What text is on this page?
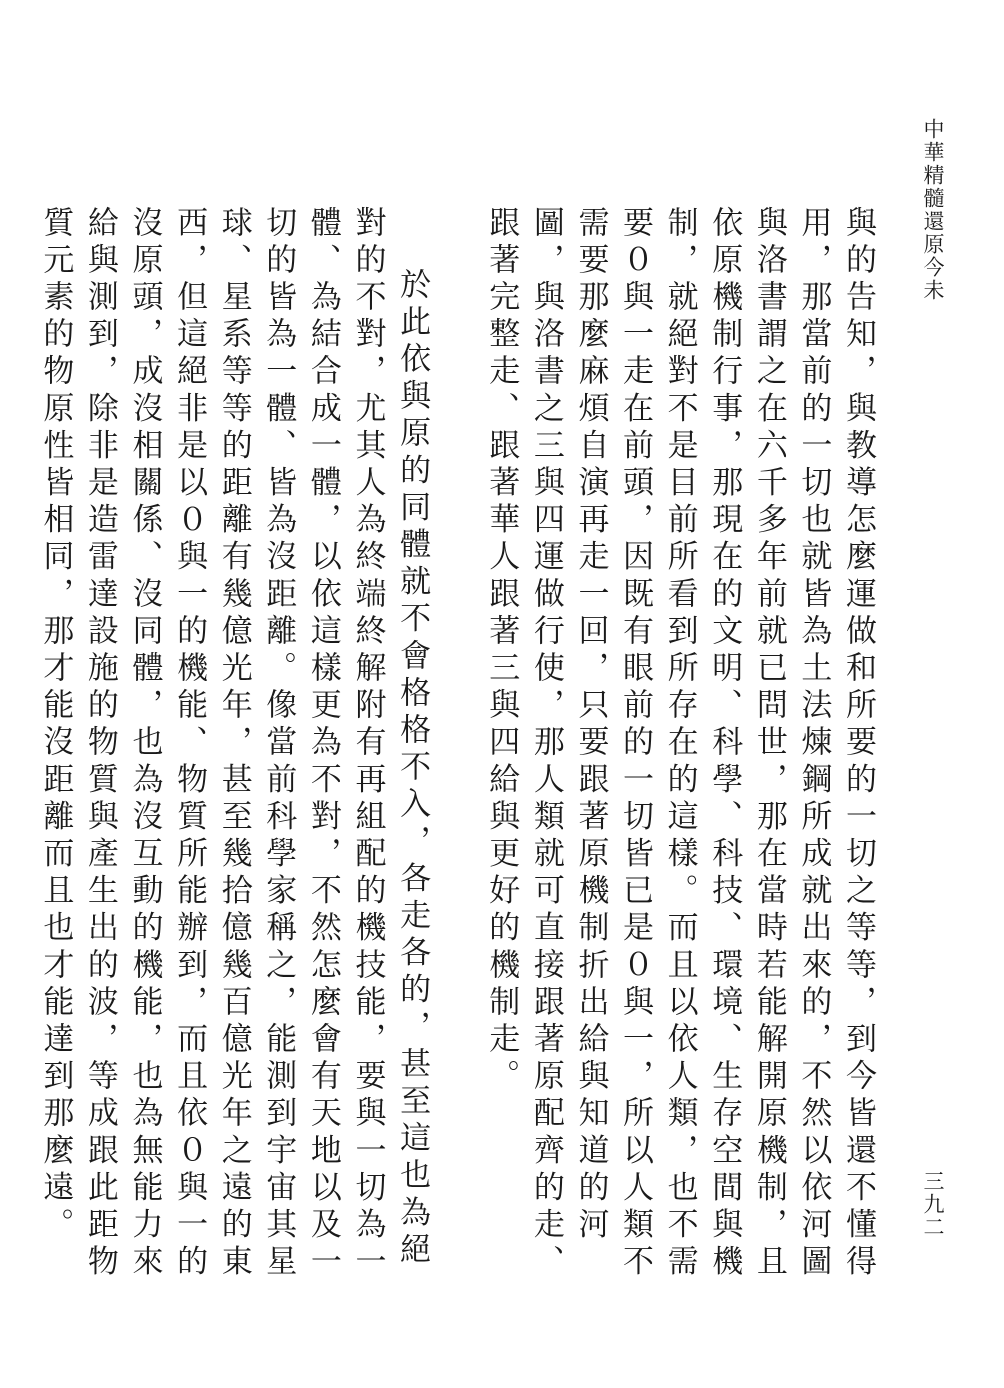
中華精髓還原今未

與的告知，與教導怎麼運做和所要的一切之等等，到今皆還不懂得用，那當前的一切也就皆為土法煉鋼所成就出來的，不然以依河圖與洛書謂之在六千多年前就已問世，那在當時若能解開原機制，且依原機制行事，那現在的文明、科學、科技、環境、生存空間與機制，就絕對不是目前所看到所存在的這樣。而且以依人類，也不需要０與一走在前頭，因既有眼前的一切皆已是０與一，所以人類不需要那麼麻煩自演再走一回，只要跟著原機制折出給與知道的河圖，與洛書之三與四運做行使，那人類就可直接跟著原配齊的走、跟著完整走、跟著華人跟著三與四給與更好的機制走。

於此依與原的同體就不會格格不入，各走各的，甚至這也為絕對的不對，尤其人為終端終解附有再組配的機技能，要與一切為一體、為結合成一體，以依這樣更為不對，不然怎麼會有天地以及一切的皆為一體、皆為沒距離。像當前科學家稱之，能測到宇宙其星球、星系等等的距離有幾億光年，甚至幾拾億幾百億光年之遠的東西，但這絕非是以０與一的機能、物質所能辦到，而且依０與一的沒原頭，成沒相關係、沒同體，也為沒互動的機能，也為無能力來給與測到，除非是造雷達設施的物質與產生出的波，等成跟此距物質元素的物原性皆相同，那才能沒距離而且也才能達到那麼遠。	三九二
